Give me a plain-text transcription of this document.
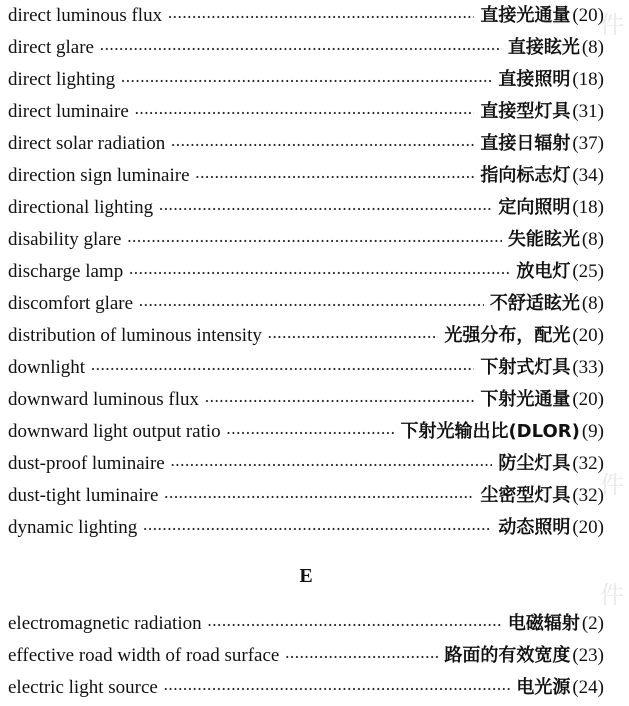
direct luminous flux ·····	直接光通量 (20)
direct glare ·····	直接眩光 (8)
direct lighting ·····	直接照明 (18)
direct luminaire ·····	直接型灯具 (31)
direct solar radiation ·····	直接日辐射 (37)
direction sign luminaire ·····	指向标志灯 (34)
directional lighting ·····	定向照明 (18)
disability glare ·····	失能眩光 (8)
discharge lamp ·····	放电灯 (25)
discomfort glare ·····	不舒适眩光 (8)
distribution of luminous intensity ·····	光强分布，配光 (20)
downlight ·····	下射式灯具 (33)
downward luminous flux ·····	下射光通量 (20)
downward light output ratio ·····	下射光输出比(DLOR) (9)
dust-proof luminaire ·····	防尘灯具 (32)
dust-tight luminaire ·····	尘密型灯具 (32)
dynamic lighting ·····	动态照明 (20)
E
electromagnetic radiation ·····	电磁辐射 (2)
effective road width of road surface ·····	路面的有效宽度 (23)
electric light source ·····	电光源 (24)
件
件
件
